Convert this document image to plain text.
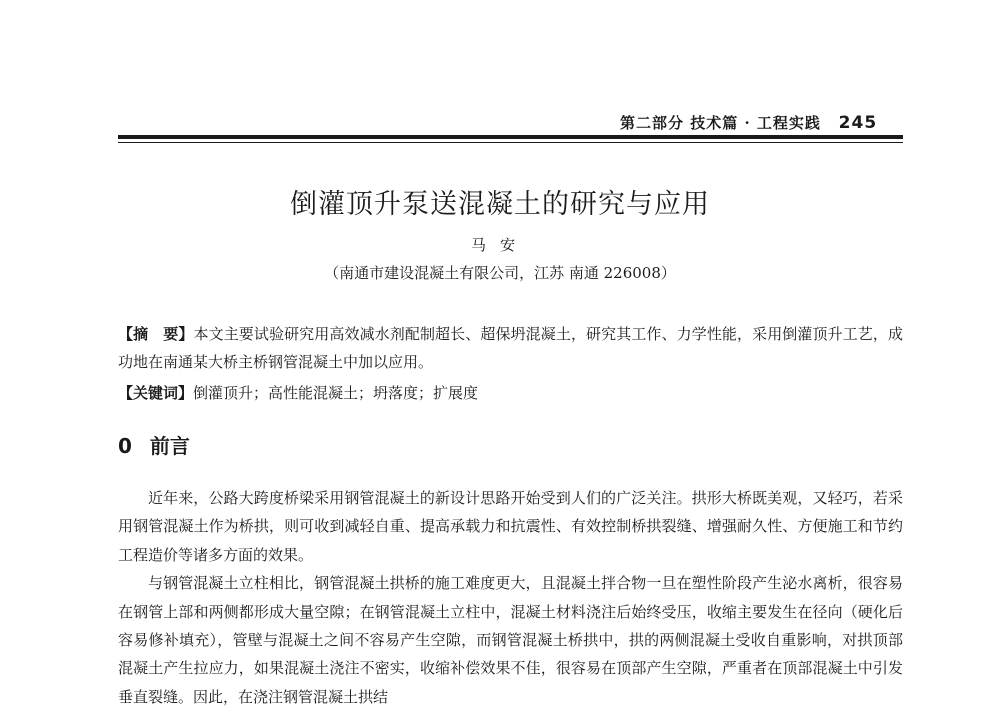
第二部分 技术篇 · 工程实践 245
倒灌顶升泵送混凝土的研究与应用
马安
（南通市建设混凝土有限公司，江苏 南通 226008）
【摘　要】本文主要试验研究用高效减水剂配制超长、超保坍混凝土，研究其工作、力学性能，采用倒灌顶升工艺，成功地在南通某大桥主桥钢管混凝土中加以应用。
【关键词】倒灌顶升；高性能混凝土；坍落度；扩展度
0 前言

近年来，公路大跨度桥梁采用钢管混凝土的新设计思路开始受到人们的广泛关注。拱形大桥既美观，又轻巧，若采用钢管混凝土作为桥拱，则可收到减轻自重、提高承载力和抗震性、有效控制桥拱裂缝、增强耐久性、方便施工和节约工程造价等诸多方面的效果。

与钢管混凝土立柱相比，钢管混凝土拱桥的施工难度更大，且混凝土拌合物一旦在塑性阶段产生泌水离析，很容易在钢管上部和两侧都形成大量空隙；在钢管混凝土立柱中，混凝土材料浇注后始终受压，收缩主要发生在径向（硬化后容易修补填充），管壁与混凝土之间不容易产生空隙，而钢管混凝土桥拱中，拱的两侧混凝土受收自重影响，对拱顶部混凝土产生拉应力，如果混凝土浇注不密实，收缩补偿效果不佳，很容易在顶部产生空隙，严重者在顶部混凝土中引发垂直裂缝。因此，在浇注钢管混凝土拱结
